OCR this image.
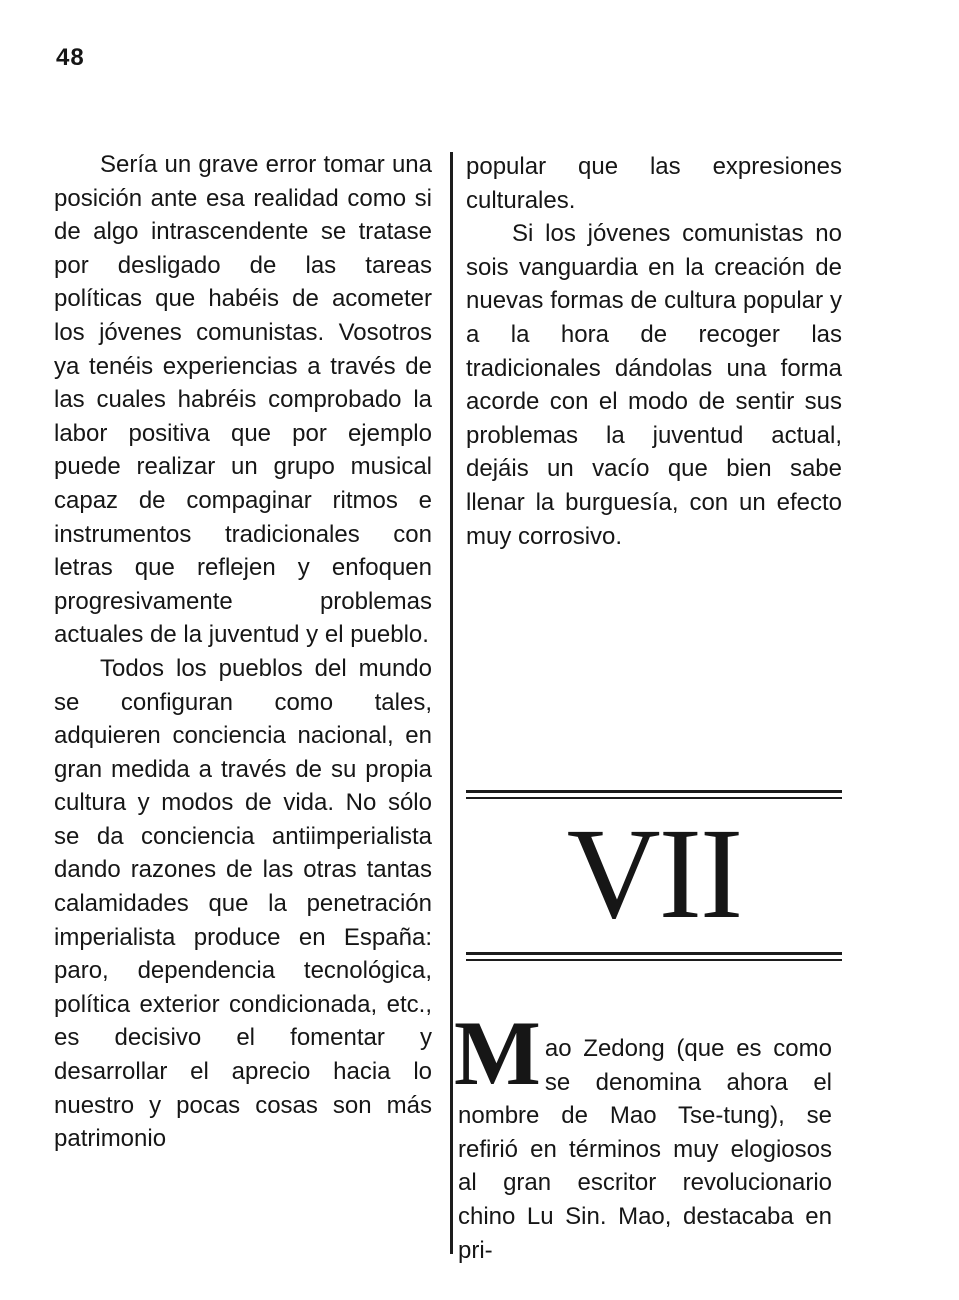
48

Sería un grave error tomar una posición ante esa realidad como si de algo intrascendente se tratase por desligado de las tareas políticas que habéis de acometer los jóvenes comunistas. Vosotros ya tenéis experiencias a través de las cuales habréis comprobado la labor positiva que por ejemplo puede realizar un grupo musical capaz de compaginar ritmos e instrumentos tradicionales con letras que reflejen y enfoquen progresivamente problemas actuales de la juventud y el pueblo.

Todos los pueblos del mundo se configuran como tales, adquieren conciencia nacional, en gran medida a través de su propia cultura y modos de vida. No sólo se da conciencia antiimperialista dando razones de las otras tantas calamidades que la penetración imperialista produce en España: paro, dependencia tecnológica, política exterior condicionada, etc., es decisivo el fomentar y desarrollar el aprecio hacia lo nuestro y pocas cosas son más patrimonio

popular que las expresiones culturales.

Si los jóvenes comunistas no sois vanguardia en la creación de nuevas formas de cultura popular y a la hora de recoger las tradicionales dándolas una forma acorde con el modo de sentir sus problemas la juventud actual, dejáis un vacío que bien sabe llenar la burguesía, con un efecto muy corrosivo.

VII
M ao Zedong (que es como se denomina ahora el nombre de Mao Tse-tung), se refirió en términos muy elogiosos al gran escritor revolucionario chino Lu Sin. Mao, destacaba en pri-
